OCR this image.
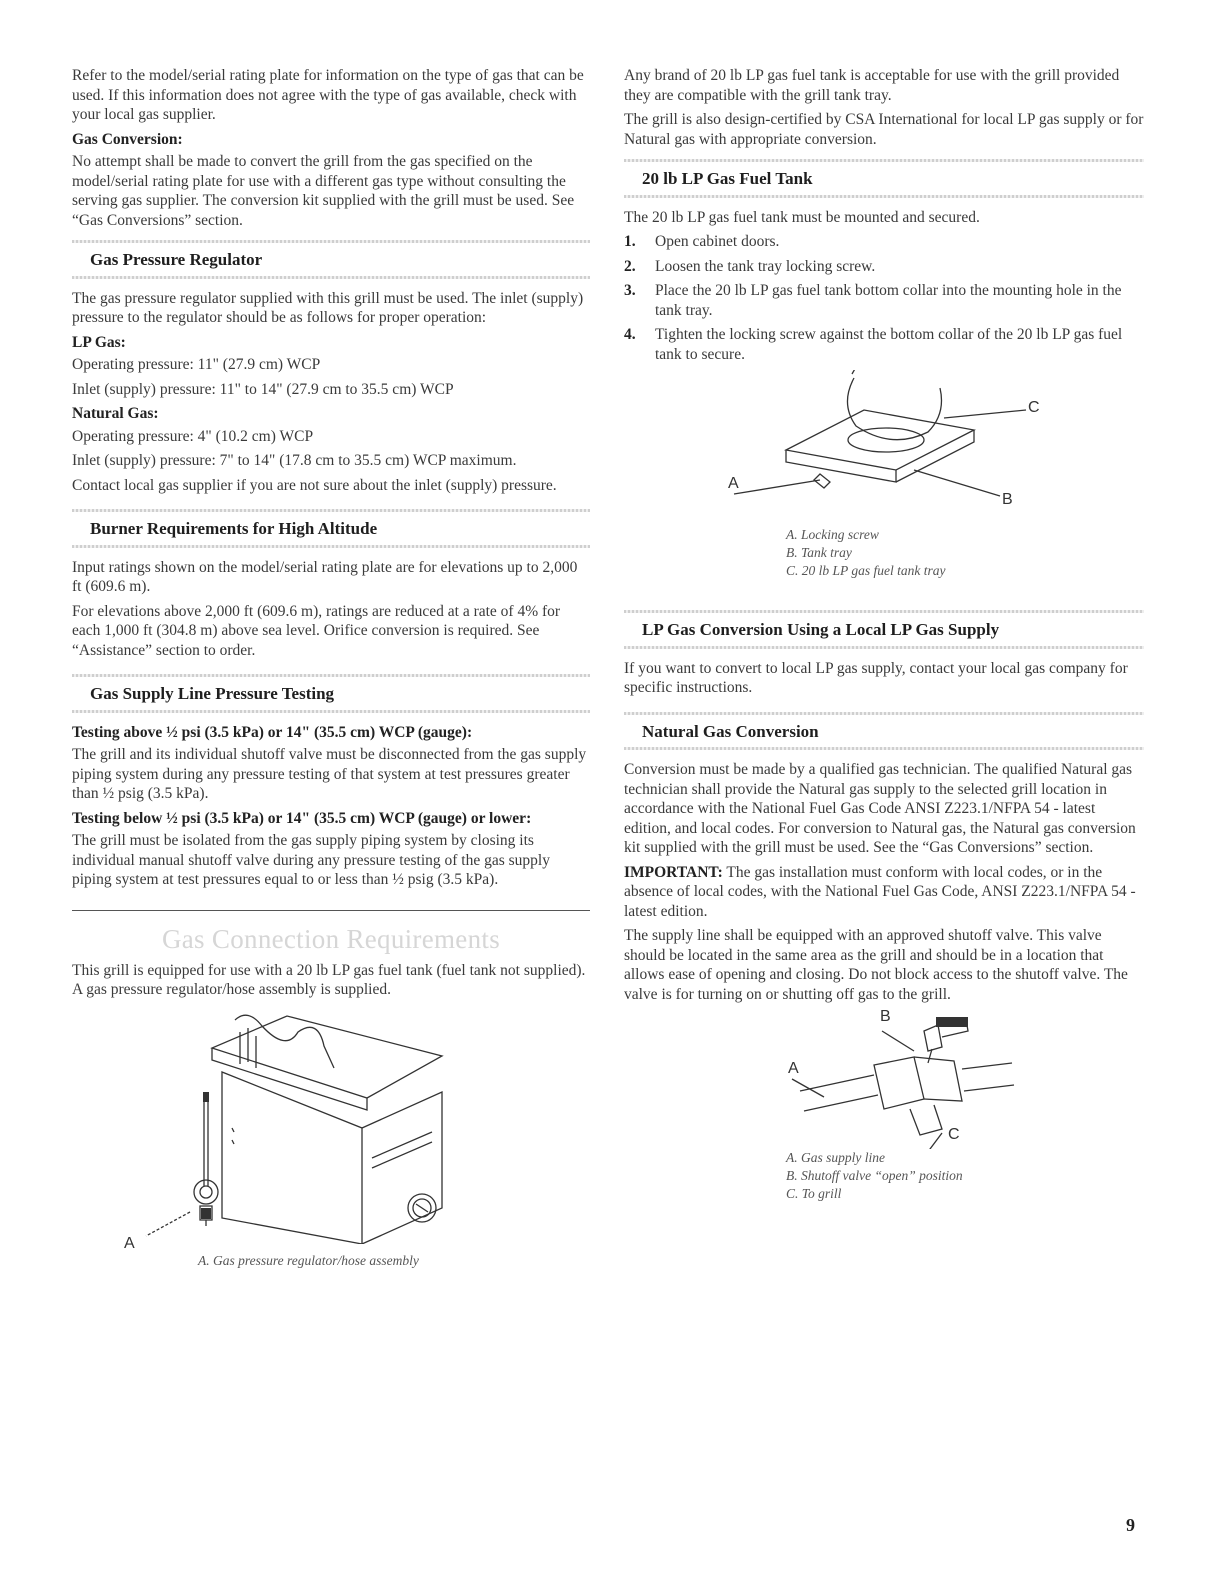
Refer to the model/serial rating plate for information on the type of gas that can be used. If this information does not agree with the type of gas available, check with your local gas supplier.

Gas Conversion:

No attempt shall be made to convert the grill from the gas specified on the model/serial rating plate for use with a different gas type without consulting the serving gas supplier. The conversion kit supplied with the grill must be used. See “Gas Conversions” section.

Gas Pressure Regulator

The gas pressure regulator supplied with this grill must be used. The inlet (supply) pressure to the regulator should be as follows for proper operation:

LP Gas:

Operating pressure: 11" (27.9 cm) WCP

Inlet (supply) pressure: 11" to 14" (27.9 cm to 35.5 cm) WCP

Natural Gas:

Operating pressure: 4" (10.2 cm) WCP

Inlet (supply) pressure: 7" to 14" (17.8 cm to 35.5 cm) WCP maximum.

Contact local gas supplier if you are not sure about the inlet (supply) pressure.

Burner Requirements for High Altitude

Input ratings shown on the model/serial rating plate are for elevations up to 2,000 ft (609.6 m).

For elevations above 2,000 ft (609.6 m), ratings are reduced at a rate of 4% for each 1,000 ft (304.8 m) above sea level. Orifice conversion is required. See “Assistance” section to order.

Gas Supply Line Pressure Testing
Testing above ½ psi (3.5 kPa) or 14" (35.5 cm) WCP (gauge):

The grill and its individual shutoff valve must be disconnected from the gas supply piping system during any pressure testing of that system at test pressures greater than ½ psig (3.5 kPa).

Testing below ½ psi (3.5 kPa) or 14" (35.5 cm) WCP (gauge) or lower:

The grill must be isolated from the gas supply piping system by closing its individual manual shutoff valve during any pressure testing of the gas supply piping system at test pressures equal to or less than ½ psig (3.5 kPa).

Gas Connection Requirements

This grill is equipped for use with a 20 lb LP gas fuel tank (fuel tank not supplied). A gas pressure regulator/hose assembly is supplied.

A
A. Gas pressure regulator/hose assembly

Any brand of 20 lb LP gas fuel tank is acceptable for use with the grill provided they are compatible with the grill tank tray.

The grill is also design-certified by CSA International for local LP gas supply or for Natural gas with appropriate conversion.

20 lb LP Gas Fuel Tank

The 20 lb LP gas fuel tank must be mounted and secured.

1. Open cabinet doors.
2. Loosen the tank tray locking screw.
3. Place the 20 lb LP gas fuel tank bottom collar into the mounting hole in the tank tray.
4. Tighten the locking screw against the bottom collar of the 20 lb LP gas fuel tank to secure.
C
A
B
A. Locking screw
B. Tank tray
C. 20 lb LP gas fuel tank tray
LP Gas Conversion Using a Local LP Gas Supply

If you want to convert to local LP gas supply, contact your local gas company for specific instructions.

Natural Gas Conversion

Conversion must be made by a qualified gas technician. The qualified Natural gas technician shall provide the Natural gas supply to the selected grill location in accordance with the National Fuel Gas Code ANSI Z223.1/NFPA 54 - latest edition, and local codes. For conversion to Natural gas, the Natural gas conversion kit supplied with the grill must be used. See the “Gas Conversions” section.

IMPORTANT: The gas installation must conform with local codes, or in the absence of local codes, with the National Fuel Gas Code, ANSI Z223.1/NFPA 54 - latest edition.

The supply line shall be equipped with an approved shutoff valve. This valve should be located in the same area as the grill and should be in a location that allows ease of opening and closing. Do not block access to the shutoff valve. The valve is for turning on or shutting off gas to the grill.

B
A
C
A. Gas supply line
B. Shutoff valve “open” position
C. To grill
9
